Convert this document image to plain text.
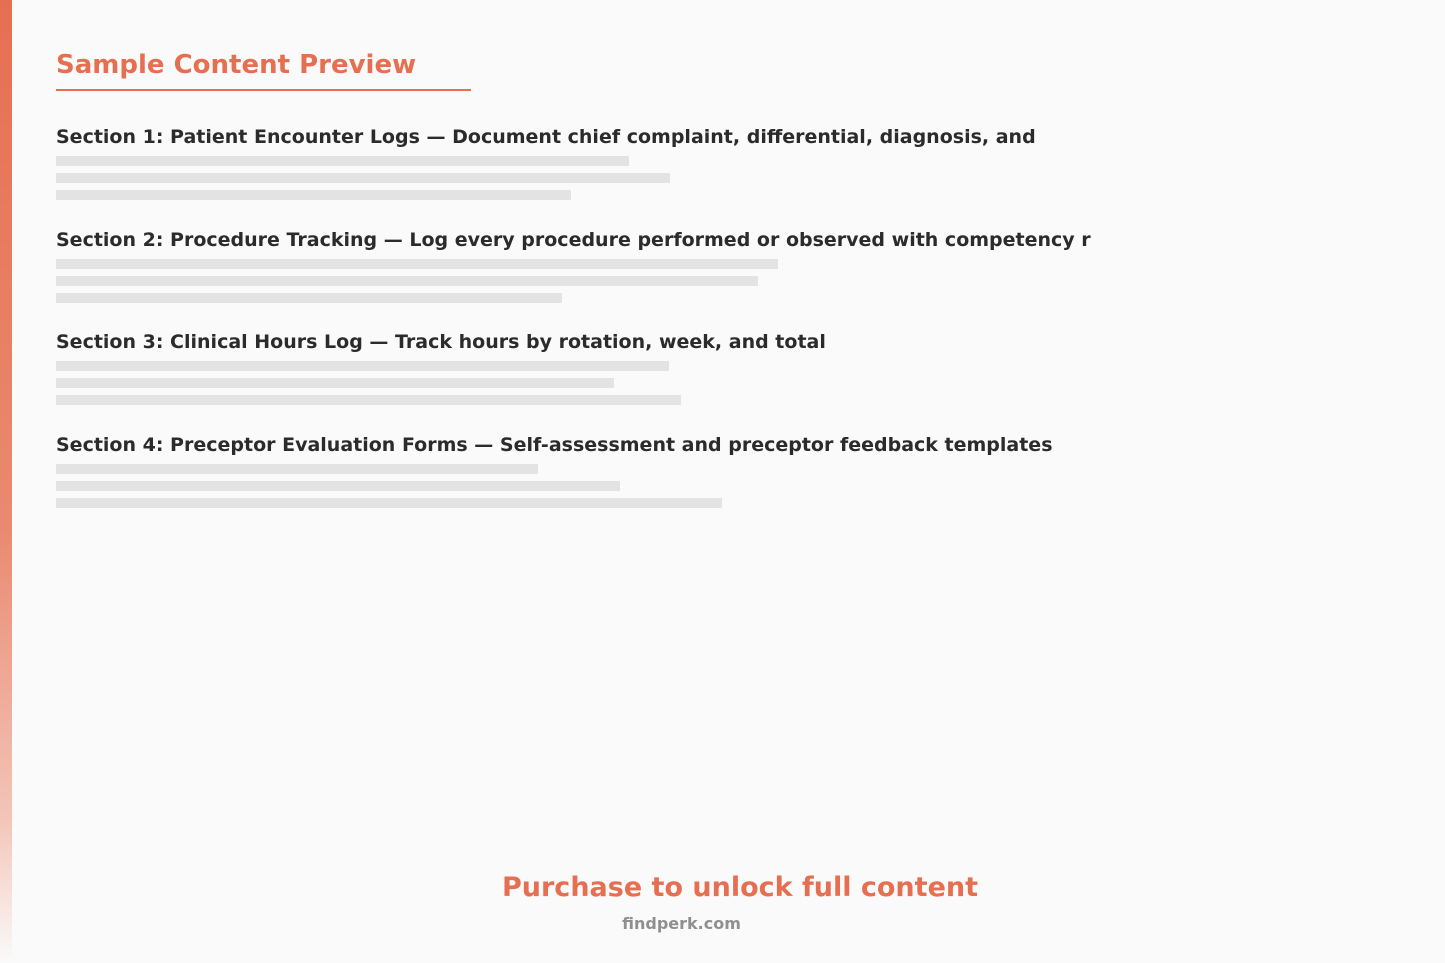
Sample Content Preview
Section 1: Patient Encounter Logs — Document chief complaint, differential, diagnosis, and
Section 2: Procedure Tracking — Log every procedure performed or observed with competency r
Section 3: Clinical Hours Log — Track hours by rotation, week, and total
Section 4: Preceptor Evaluation Forms — Self-assessment and preceptor feedback templates
Purchase to unlock full content
findperk.com
